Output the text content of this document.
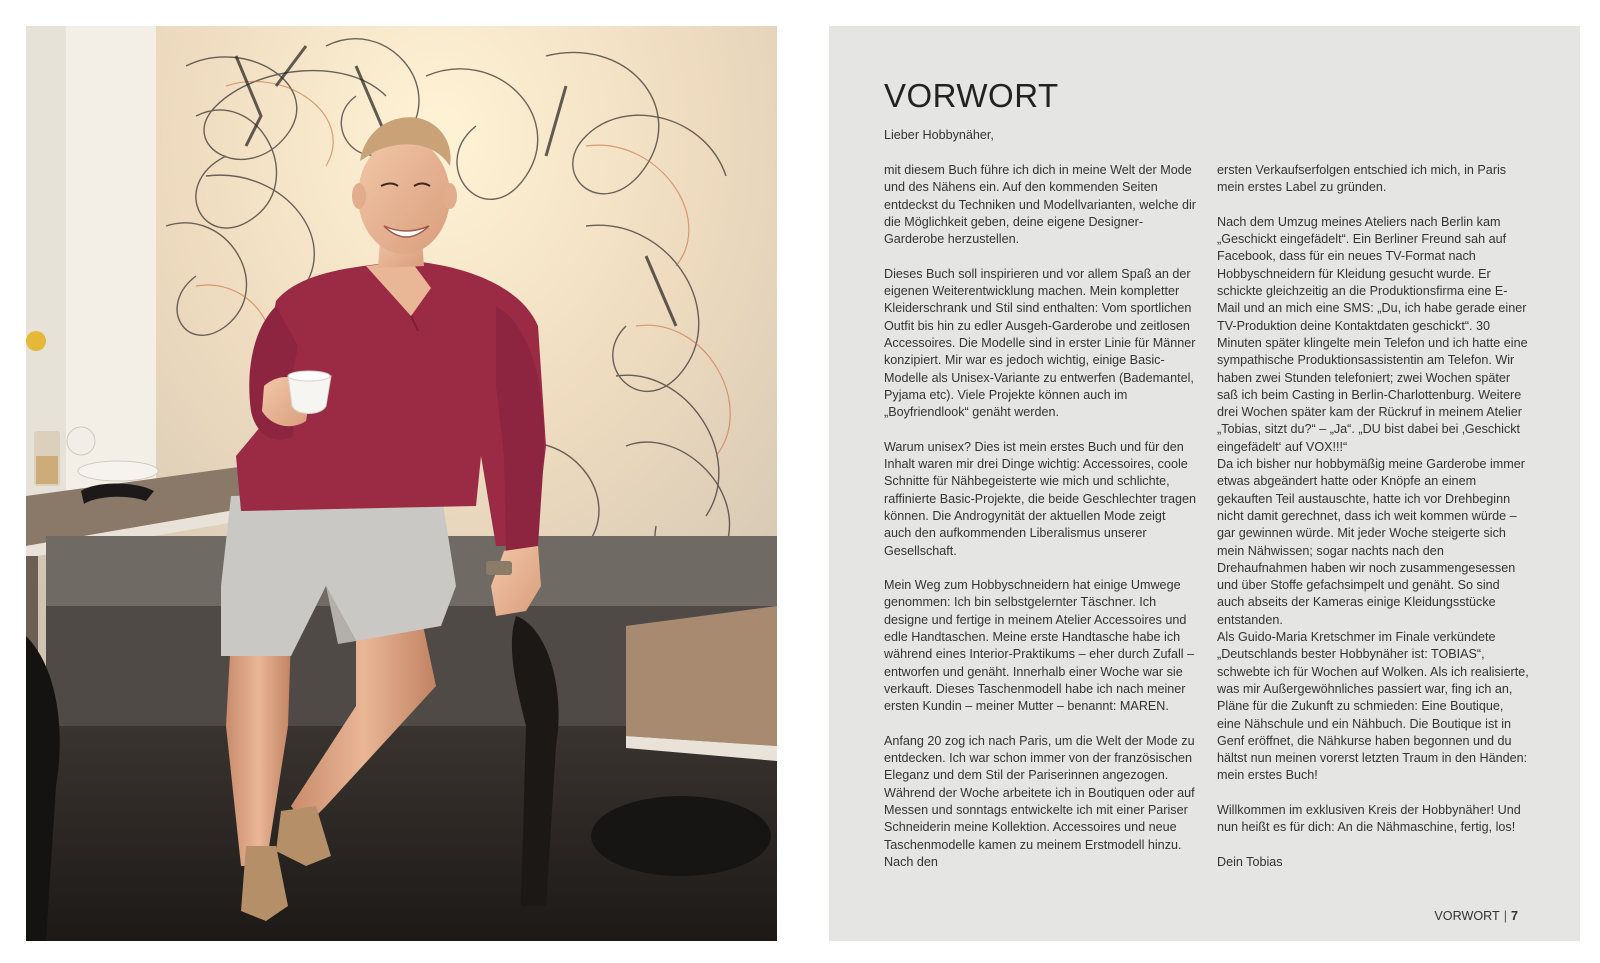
VORWORT
Lieber Hobbynäher,

mit diesem Buch führe ich dich in meine Welt der Mode und des Nähens ein. Auf den kommenden Seiten entdeckst du Techniken und Modellvarianten, welche dir die Möglichkeit geben, deine eigene Designer-Garderobe herzustellen.

Dieses Buch soll inspirieren und vor allem Spaß an der eigenen Weiterentwicklung machen. Mein kompletter Kleiderschrank und Stil sind enthalten: Vom sportlichen Outfit bis hin zu edler Ausgeh-Garderobe und zeitlosen Accessoires. Die Modelle sind in erster Linie für Männer konzipiert. Mir war es jedoch wichtig, einige Basic-Modelle als Unisex-Variante zu entwerfen (Bademantel, Pyjama etc). Viele Projekte können auch im „Boyfriendlook“ genäht werden.

Warum unisex? Dies ist mein erstes Buch und für den Inhalt waren mir drei Dinge wichtig: Accessoires, coole Schnitte für Nähbegeisterte wie mich und schlichte, raffinierte Basic-Projekte, die beide Geschlechter tragen können. Die Androgynität der aktuellen Mode zeigt auch den aufkommenden Liberalismus unserer Gesellschaft.

Mein Weg zum Hobbyschneidern hat einige Umwege genommen: Ich bin selbstgelernter Täschner. Ich designe und fertige in meinem Atelier Accessoires und edle Handtaschen. Meine erste Handtasche habe ich während eines Interior-Praktikums – eher durch Zufall – entworfen und genäht. Innerhalb einer Woche war sie verkauft. Dieses Taschenmodell habe ich nach meiner ersten Kundin – meiner Mutter – benannt: MAREN.

Anfang 20 zog ich nach Paris, um die Welt der Mode zu entdecken. Ich war schon immer von der französischen Eleganz und dem Stil der Pariserinnen angezogen. Während der Woche arbeitete ich in Boutiquen oder auf Messen und sonntags entwickelte ich mit einer Pariser Schneiderin meine Kollektion. Accessoires und neue Taschenmodelle kamen zu meinem Erstmodell hinzu. Nach den

ersten Verkaufserfolgen entschied ich mich, in Paris mein erstes Label zu gründen.

Nach dem Umzug meines Ateliers nach Berlin kam „Geschickt eingefädelt“. Ein Berliner Freund sah auf Facebook, dass für ein neues TV-Format nach Hobbyschneidern für Kleidung gesucht wurde. Er schickte gleichzeitig an die Produktionsfirma eine E-Mail und an mich eine SMS: „Du, ich habe gerade einer TV-Produktion deine Kontaktdaten geschickt“. 30 Minuten später klingelte mein Telefon und ich hatte eine sympathische Produktionsassistentin am Telefon. Wir haben zwei Stunden telefoniert; zwei Wochen später saß ich beim Casting in Berlin-Charlottenburg. Weitere drei Wochen später kam der Rückruf in meinem Atelier „Tobias, sitzt du?“ – „Ja“. „DU bist dabei bei ‚Geschickt eingefädelt‘ auf VOX!!!“

Da ich bisher nur hobbymäßig meine Garderobe immer etwas abgeändert hatte oder Knöpfe an einem gekauften Teil austauschte, hatte ich vor Drehbeginn nicht damit gerechnet, dass ich weit kommen würde – gar gewinnen würde. Mit jeder Woche steigerte sich mein Nähwissen; sogar nachts nach den Drehaufnahmen haben wir noch zusammengesessen und über Stoffe gefachsimpelt und genäht. So sind auch abseits der Kameras einige Kleidungsstücke entstanden.

Als Guido-Maria Kretschmer im Finale verkündete „Deutschlands bester Hobbynäher ist: TOBIAS“, schwebte ich für Wochen auf Wolken. Als ich realisierte, was mir Außergewöhnliches passiert war, fing ich an, Pläne für die Zukunft zu schmieden: Eine Boutique, eine Nähschule und ein Nähbuch. Die Boutique ist in Genf eröffnet, die Nähkurse haben begonnen und du hältst nun meinen vorerst letzten Traum in den Händen: mein erstes Buch!

Willkommen im exklusiven Kreis der Hobbynäher! Und nun heißt es für dich: An die Nähmaschine, fertig, los!

Dein Tobias

VORWORT | 7
